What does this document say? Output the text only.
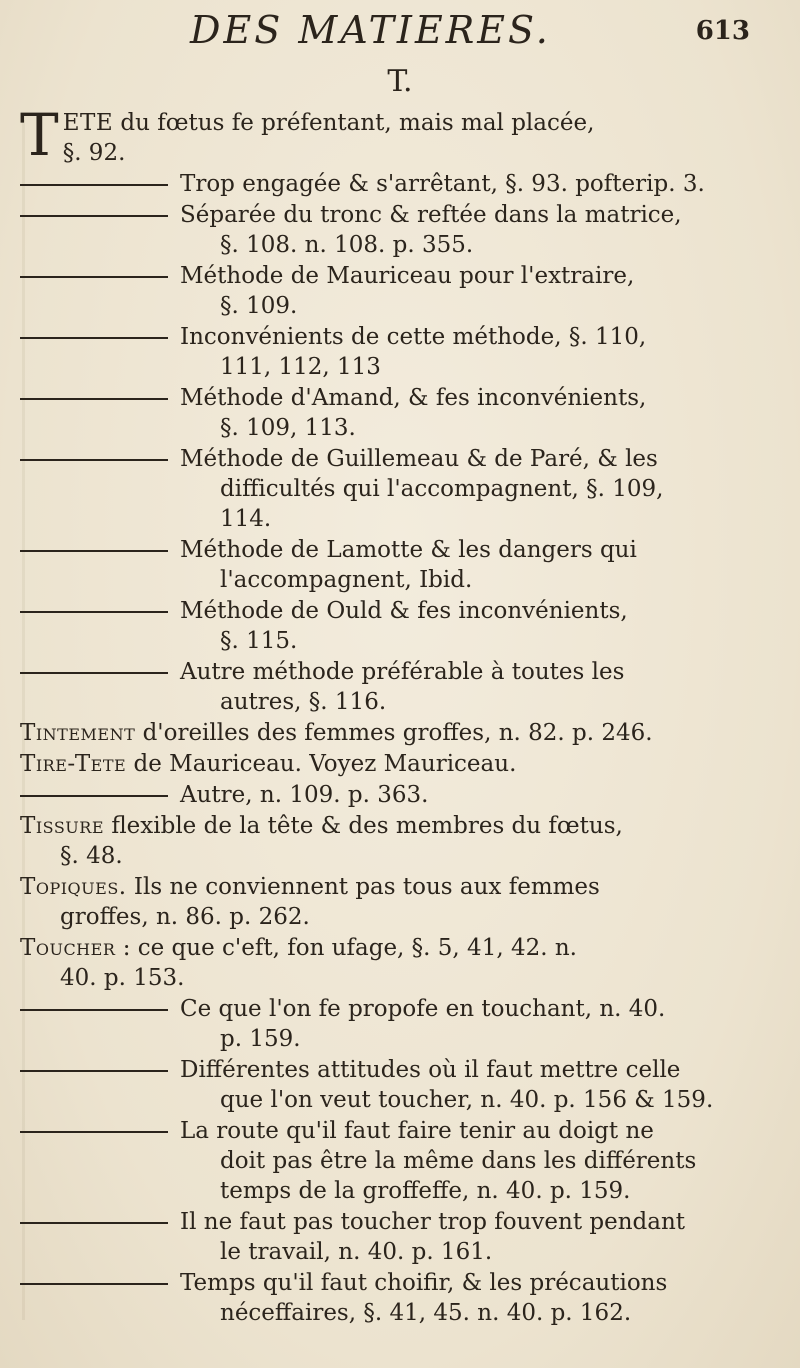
DES MATIERES.	613
T.
TETE du fœtus fe préfentant, mais mal placée,
§. 92.
Trop engagée & s'arrêtant, §. 93. pofterip. 3.
Séparée du tronc & reftée dans la matrice,
§. 108. n. 108. p. 355.
Méthode de Mauriceau pour l'extraire,
§. 109.
Inconvénients de cette méthode, §. 110,
111, 112, 113
Méthode d'Amand, & fes inconvénients,
§. 109, 113.
Méthode de Guillemeau & de Paré, & les
difficultés qui l'accompagnent, §. 109,
114.
Méthode de Lamotte & les dangers qui
l'accompagnent, Ibid.
Méthode de Ould & fes inconvénients,
§. 115.
Autre méthode préférable à toutes les
autres, §. 116.
Tintement d'oreilles des femmes groffes, n. 82. p. 246.
Tire-Tete de Mauriceau. Voyez Mauriceau.
Autre, n. 109. p. 363.
Tissure flexible de la tête & des membres du fœtus,
§. 48.
Topiques. Ils ne conviennent pas tous aux femmes
groffes, n. 86. p. 262.
Toucher : ce que c'eft, fon ufage, §. 5, 41, 42. n.
40. p. 153.
Ce que l'on fe propofe en touchant, n. 40.
p. 159.
Différentes attitudes où il faut mettre celle
que l'on veut toucher, n. 40. p. 156 & 159.
La route qu'il faut faire tenir au doigt ne
doit pas être la même dans les différents
temps de la groffeffe, n. 40. p. 159.
Il ne faut pas toucher trop fouvent pendant
le travail, n. 40. p. 161.
Temps qu'il faut choifir, & les précautions
néceffaires, §. 41, 45. n. 40. p. 162.
